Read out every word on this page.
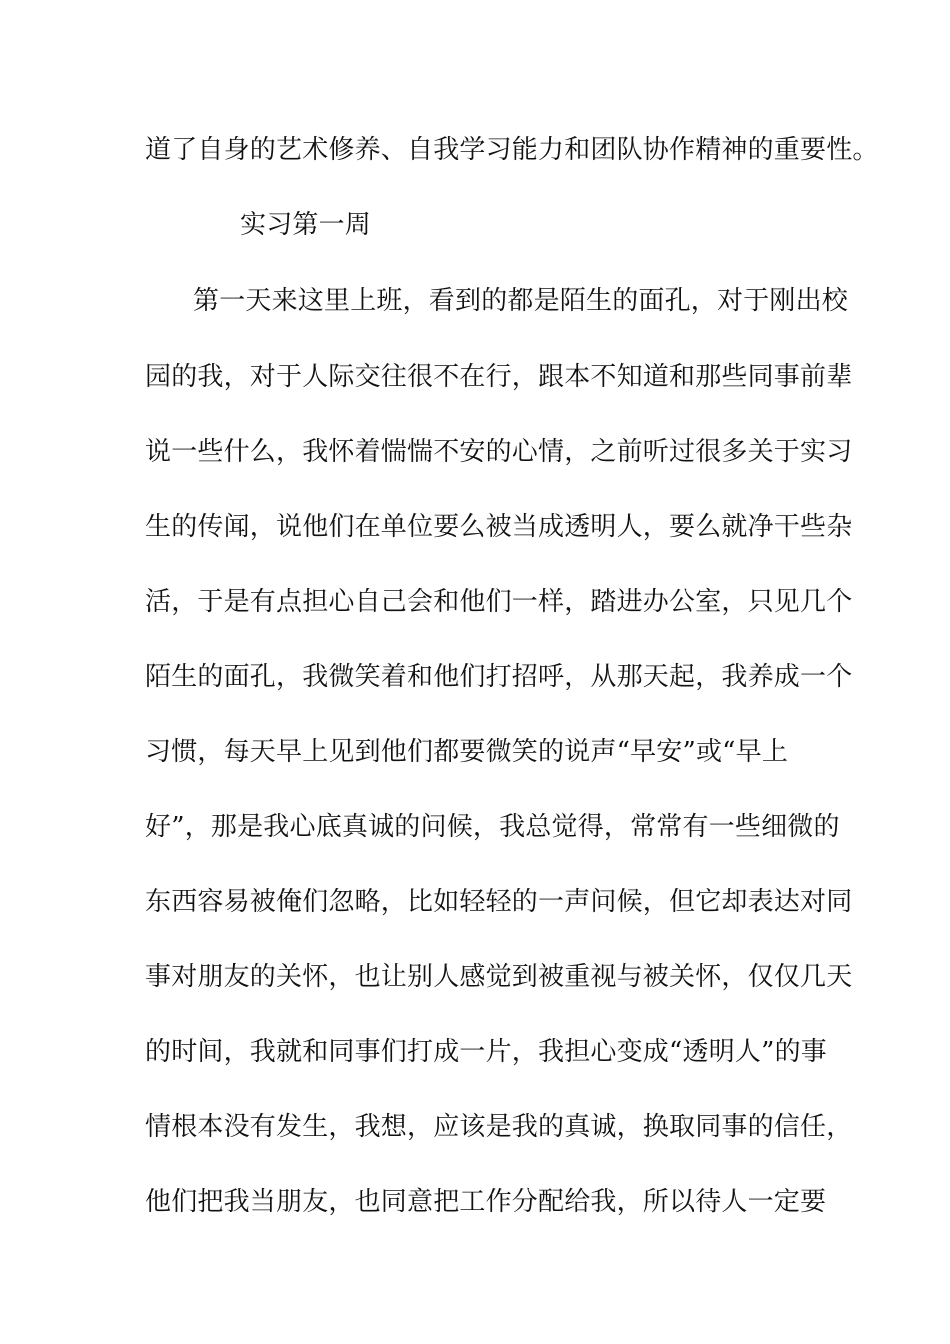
道了自身的艺术修养、自我学习能力和团队协作精神的重要性。
实习第一周
第一天来这里上班，看到的都是陌生的面孔，对于刚出校
园的我，对于人际交往很不在行，跟本不知道和那些同事前辈
说一些什么，我怀着惴惴不安的心情，之前听过很多关于实习
生的传闻，说他们在单位要么被当成透明人，要么就净干些杂
活，于是有点担心自己会和他们一样，踏进办公室，只见几个
陌生的面孔，我微笑着和他们打招呼，从那天起，我养成一个
习惯，每天早上见到他们都要微笑的说声“早安”或“早上
好”，那是我心底真诚的问候，我总觉得，常常有一些细微的
东西容易被俺们忽略，比如轻轻的一声问候，但它却表达对同
事对朋友的关怀，也让别人感觉到被重视与被关怀，仅仅几天
的时间，我就和同事们打成一片，我担心变成“透明人”的事
情根本没有发生，我想，应该是我的真诚，换取同事的信任，
他们把我当朋友，也同意把工作分配给我，所以待人一定要
